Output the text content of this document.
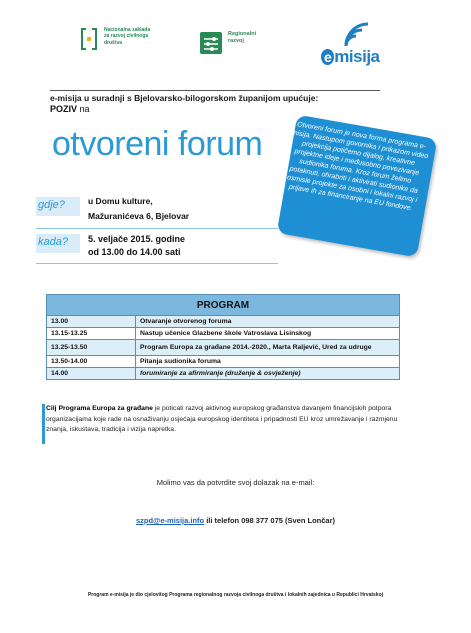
Nacionalna zaklada za razvoj civilnoga društva
Regionalni razvoj
e misija
e-misija u suradnji s Bjelovarsko-bilogorskom županijom upućuje:
POZIV na
otvoreni forum	Otvoreni forum je nova forma programa e-misija. Nastupom govornika i prikazom video projekcija potičemo dijalog, kreativne projektne ideje i međusobno povezivanje sudionika foruma. Kroz forum želimo potaknuti, ohrabriti i aktivirati sudionike da osmisle projekte za osobni i lokalni razvoj i prijave ih za financiranje na EU fondove.
gdje?	u Domu kulture,
Mažuranićeva 6, Bjelovar
kada? 5. veljače 2015. godine
od 13.00 do 14.00 sati
PROGRAM	
13.00	Otvaranje otvorenog foruma
13.15-13.25	Nastup učenice Glazbene škole Vatroslava Lisinskog
13.25-13.50	Program Europa za građane 2014.-2020., Marta Raljević, Ured za udruge
13.50-14.00	Pitanja sudionika foruma
14.00	forumiranje za afirmiranje (druženje & osvježenje)
Cilj Programa Europa za građane je poticati razvoj aktivnog europskog građanstva davanjem financijskih potpora organizacijama koje rade na osnaživanju osjećaja europskog identiteta i pripadnosti EU kroz umrežavanje i razmjenu znanja, iskustava, tradicija i vizija napretka.
Molimo vas da potvrdite svoj dolazak na e-mail:
szpd@e-misija.info ili telefon 098 377 075 (Sven Lončar)
Program e-misija je dio cjelovitog Programa regionalnog razvoja civilnoga društva i lokalnih zajednica u Republici Hrvatskoj
